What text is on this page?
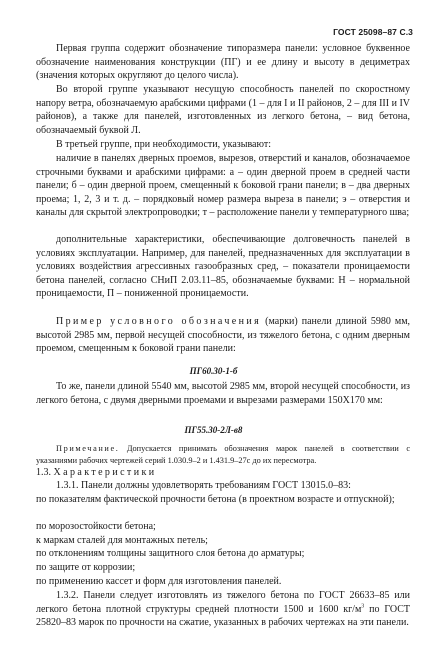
ГОСТ 25098–87 С.3
Первая группа содержит обозначение типоразмера панели: условное буквенное обозначение наименования конструкции (ПГ) и ее длину и высоту в дециметрах (значения которых округляют до целого числа).
Во второй группе указывают несущую способность панелей по скоростному напору ветра, обозначаемую арабскими цифрами (1 – для I и II районов, 2 – для III и IV районов), а также для панелей, изготовленных из легкого бетона, – вид бетона, обозначаемый буквой Л.
В третьей группе, при необходимости, указывают:
наличие в панелях дверных проемов, вырезов, отверстий и каналов, обозначаемое строчными буквами и арабскими цифрами: а – один дверной проем в средней части панели; б – один дверной проем, смещенный к боковой грани панели; в – два дверных проема; 1, 2, 3 и т. д. – порядковый номер размера выреза в панели; э – отверстия и каналы для скрытой электропроводки; т – расположение панели у температурного шва;
дополнительные характеристики, обеспечивающие долговечность панелей в условиях эксплуатации. Например, для панелей, предназначенных для эксплуатации в условиях воздействия агрессивных газообразных сред, – показатели проницаемости бетона панелей, согласно СНиП 2.03.11–85, обозначаемые буквами: Н – нормальной проницаемости, П – пониженной проницаемости.
Пример условного обозначения (марки) панели длиной 5980 мм, высотой 2985 мм, первой несущей способности, из тяжелого бетона, с одним дверным проемом, смещенным к боковой грани панели:
ПГ60.30-1-б
То же, панели длиной 5540 мм, высотой 2985 мм, второй несущей способности, из легкого бетона, с двумя дверными проемами и вырезами размерами 150Х170 мм:
ПГ55.30-2Л-в8
Примечание. Допускается принимать обозначения марок панелей в соответствии с указаниями рабочих чертежей серий 1.030.9–2 и 1.431.9–27с до их пересмотра.
1.3. Характеристики
1.3.1. Панели должны удовлетворять требованиям ГОСТ 13015.0–83:
по показателям фактической прочности бетона (в проектном возрасте и отпускной);
по морозостойкости бетона;
к маркам сталей для монтажных петель;
по отклонениям толщины защитного слоя бетона до арматуры;
по защите от коррозии;
по применению кассет и форм для изготовления панелей.
1.3.2. Панели следует изготовлять из тяжелого бетона по ГОСТ 26633–85 или легкого бетона плотной структуры средней плотности 1500 и 1600 $кг/м^3$ по ГОСТ 25820–83 марок по прочности на сжатие, указанных в рабочих чертежах на эти панели.
